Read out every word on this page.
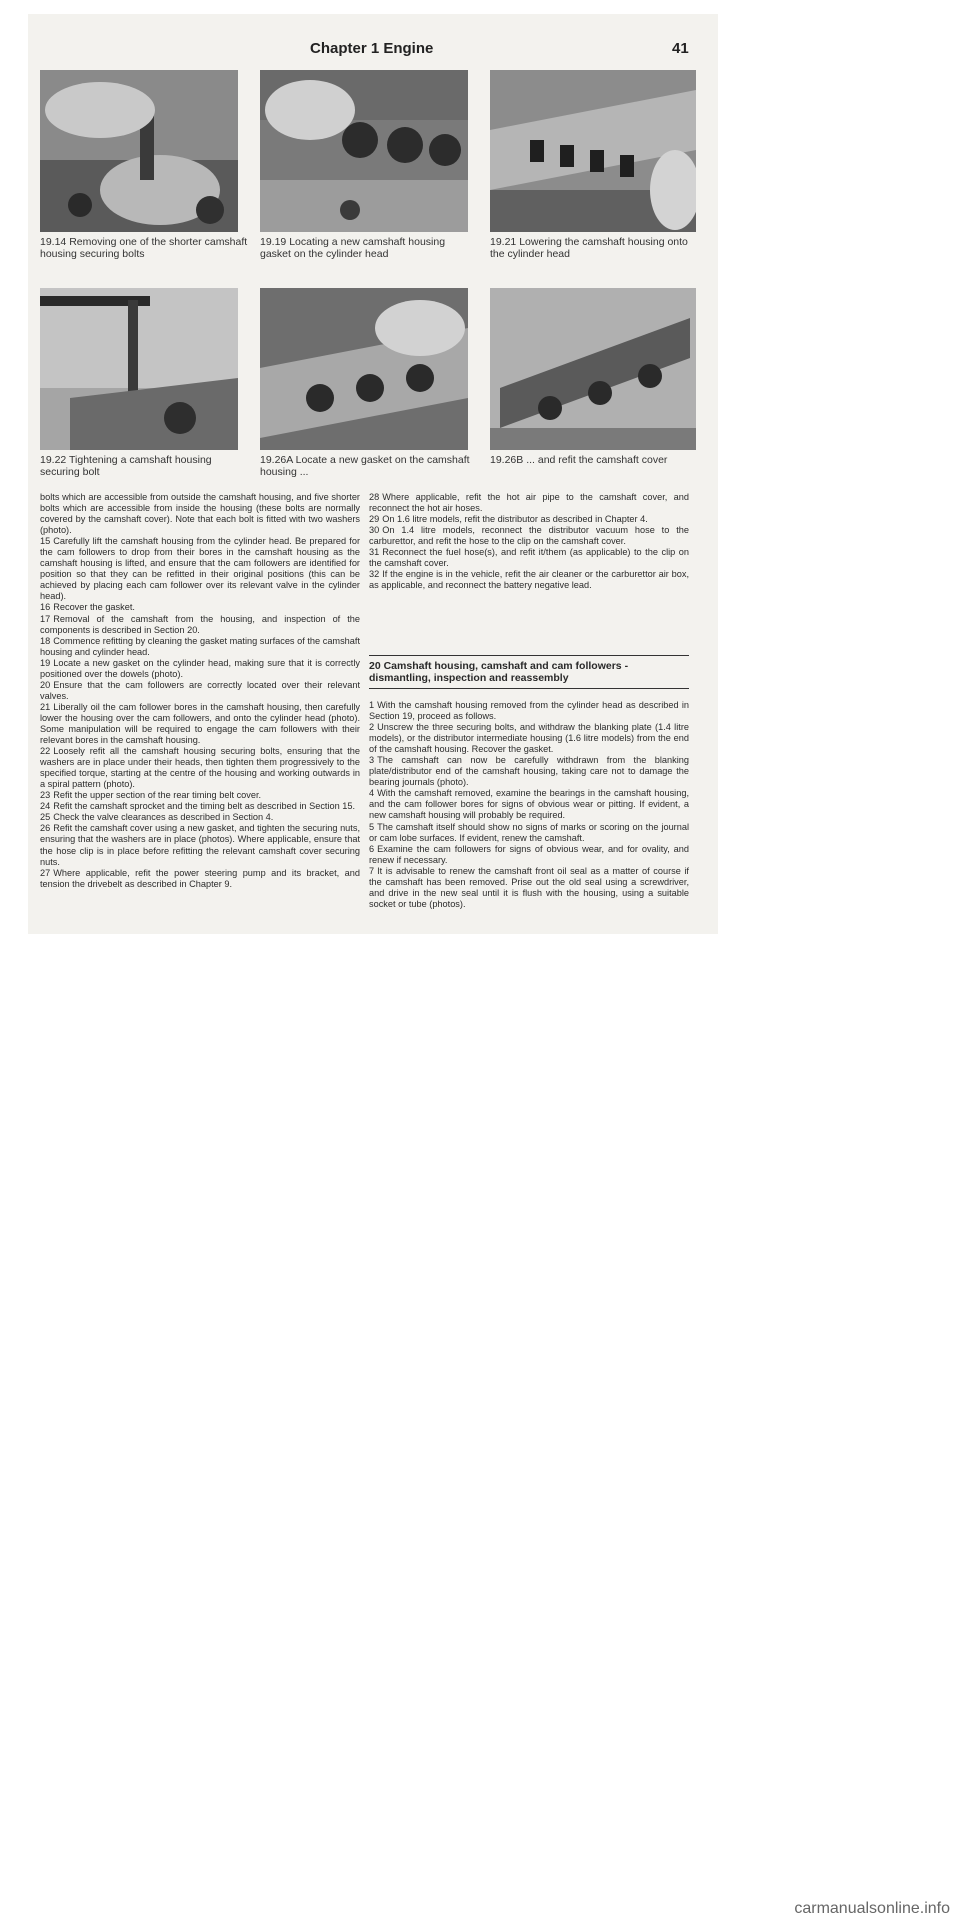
Chapter 1 Engine	41
19.14 Removing one of the shorter camshaft housing securing bolts
19.19 Locating a new camshaft housing gasket on the cylinder head
19.21 Lowering the camshaft housing onto the cylinder head
19.22 Tightening a camshaft housing securing bolt
19.26A Locate a new gasket on the camshaft housing ...
19.26B ... and refit the camshaft cover

bolts which are accessible from outside the camshaft housing, and five shorter bolts which are accessible from inside the housing (these bolts are normally covered by the camshaft cover). Note that each bolt is fitted with two washers (photo).

15 Carefully lift the camshaft housing from the cylinder head. Be prepared for the cam followers to drop from their bores in the camshaft housing as the camshaft housing is lifted, and ensure that the cam followers are identified for position so that they can be refitted in their original positions (this can be achieved by placing each cam follower over its relevant valve in the cylinder head).

16 Recover the gasket.

17 Removal of the camshaft from the housing, and inspection of the components is described in Section 20.

18 Commence refitting by cleaning the gasket mating surfaces of the camshaft housing and cylinder head.

19 Locate a new gasket on the cylinder head, making sure that it is correctly positioned over the dowels (photo).

20 Ensure that the cam followers are correctly located over their relevant valves.

21 Liberally oil the cam follower bores in the camshaft housing, then carefully lower the housing over the cam followers, and onto the cylinder head (photo). Some manipulation will be required to engage the cam followers with their relevant bores in the camshaft housing.

22 Loosely refit all the camshaft housing securing bolts, ensuring that the washers are in place under their heads, then tighten them progressively to the specified torque, starting at the centre of the housing and working outwards in a spiral pattern (photo).

23 Refit the upper section of the rear timing belt cover.

24 Refit the camshaft sprocket and the timing belt as described in Section 15.

25 Check the valve clearances as described in Section 4.

26 Refit the camshaft cover using a new gasket, and tighten the securing nuts, ensuring that the washers are in place (photos). Where applicable, ensure that the hose clip is in place before refitting the relevant camshaft cover securing nuts.

27 Where applicable, refit the power steering pump and its bracket, and tension the drivebelt as described in Chapter 9.

28 Where applicable, refit the hot air pipe to the camshaft cover, and reconnect the hot air hoses.

29 On 1.6 litre models, refit the distributor as described in Chapter 4.

30 On 1.4 litre models, reconnect the distributor vacuum hose to the carburettor, and refit the hose to the clip on the camshaft cover.

31 Reconnect the fuel hose(s), and refit it/them (as applicable) to the clip on the camshaft cover.

32 If the engine is in the vehicle, refit the air cleaner or the carburettor air box, as applicable, and reconnect the battery negative lead.

20 Camshaft housing, camshaft and cam followers - dismantling, inspection and reassembly

1 With the camshaft housing removed from the cylinder head as described in Section 19, proceed as follows.

2 Unscrew the three securing bolts, and withdraw the blanking plate (1.4 litre models), or the distributor intermediate housing (1.6 litre models) from the end of the camshaft housing. Recover the gasket.

3 The camshaft can now be carefully withdrawn from the blanking plate/distributor end of the camshaft housing, taking care not to damage the bearing journals (photo).

4 With the camshaft removed, examine the bearings in the camshaft housing, and the cam follower bores for signs of obvious wear or pitting. If evident, a new camshaft housing will probably be required.

5 The camshaft itself should show no signs of marks or scoring on the journal or cam lobe surfaces. If evident, renew the camshaft.

6 Examine the cam followers for signs of obvious wear, and for ovality, and renew if necessary.

7 It is advisable to renew the camshaft front oil seal as a matter of course if the camshaft has been removed. Prise out the old seal using a screwdriver, and drive in the new seal until it is flush with the housing, using a suitable socket or tube (photos).

carmanualsonline.info
